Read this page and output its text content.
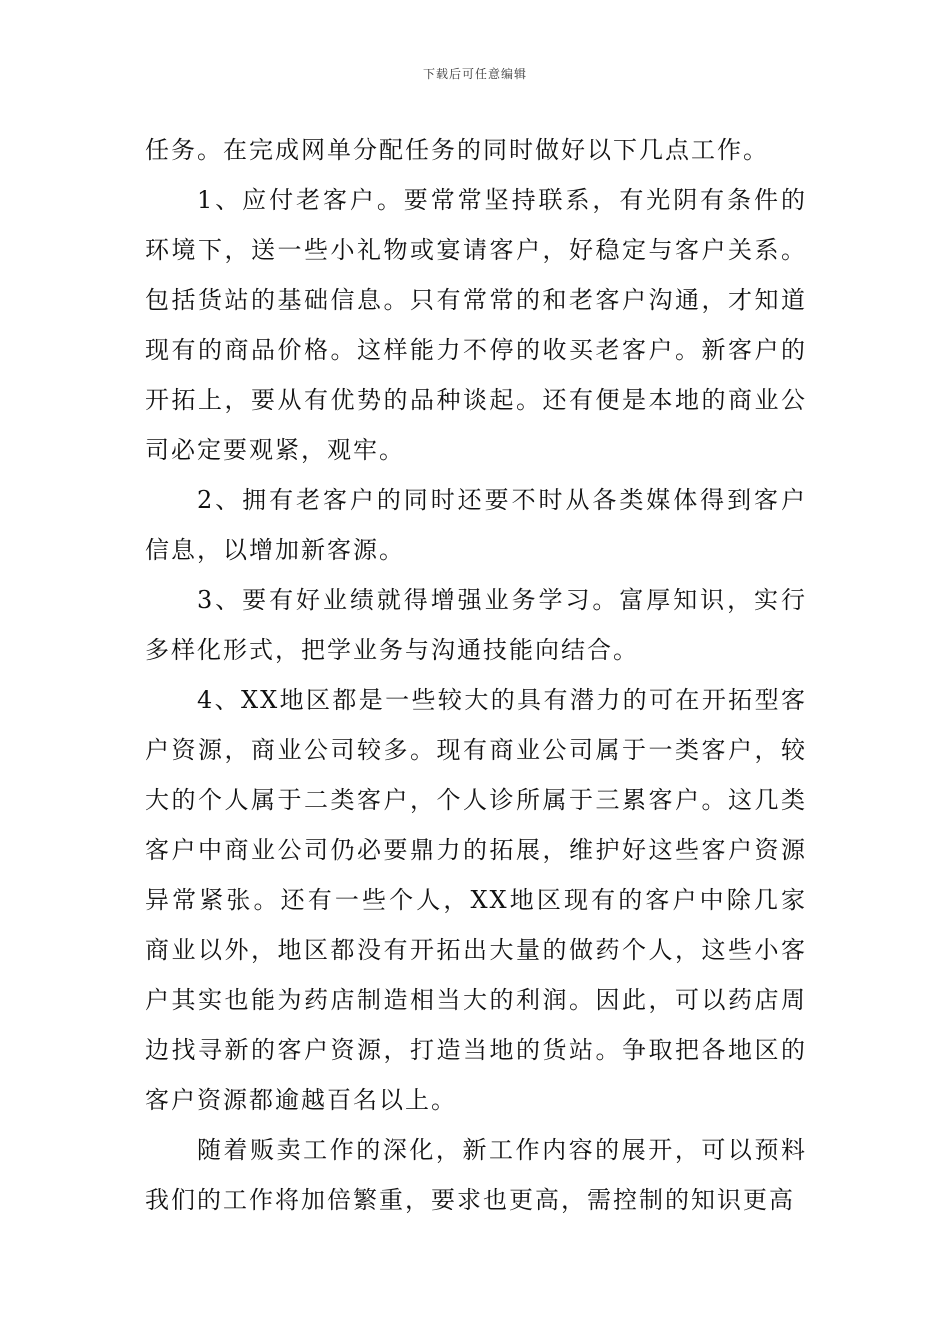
下载后可任意编辑

任务。在完成网单分配任务的同时做好以下几点工作。

1、应付老客户。要常常坚持联系，有光阴有条件的环境下，送一些小礼物或宴请客户，好稳定与客户关系。包括货站的基础信息。只有常常的和老客户沟通，才知道现有的商品价格。这样能力不停的收买老客户。新客户的开拓上，要从有优势的品种谈起。还有便是本地的商业公司必定要观紧，观牢。

2、拥有老客户的同时还要不时从各类媒体得到客户信息，以增加新客源。

3、要有好业绩就得增强业务学习。富厚知识，实行多样化形式，把学业务与沟通技能向结合。

4、XX地区都是一些较大的具有潜力的可在开拓型客户资源，商业公司较多。现有商业公司属于一类客户，较大的个人属于二类客户，个人诊所属于三累客户。这几类客户中商业公司仍必要鼎力的拓展，维护好这些客户资源异常紧张。还有一些个人，XX地区现有的客户中除几家商业以外，地区都没有开拓出大量的做药个人，这些小客户其实也能为药店制造相当大的利润。因此，可以药店周边找寻新的客户资源，打造当地的货站。争取把各地区的客户资源都逾越百名以上。

随着贩卖工作的深化，新工作内容的展开，可以预料我们的工作将加倍繁重，要求也更高，需控制的知识更高
